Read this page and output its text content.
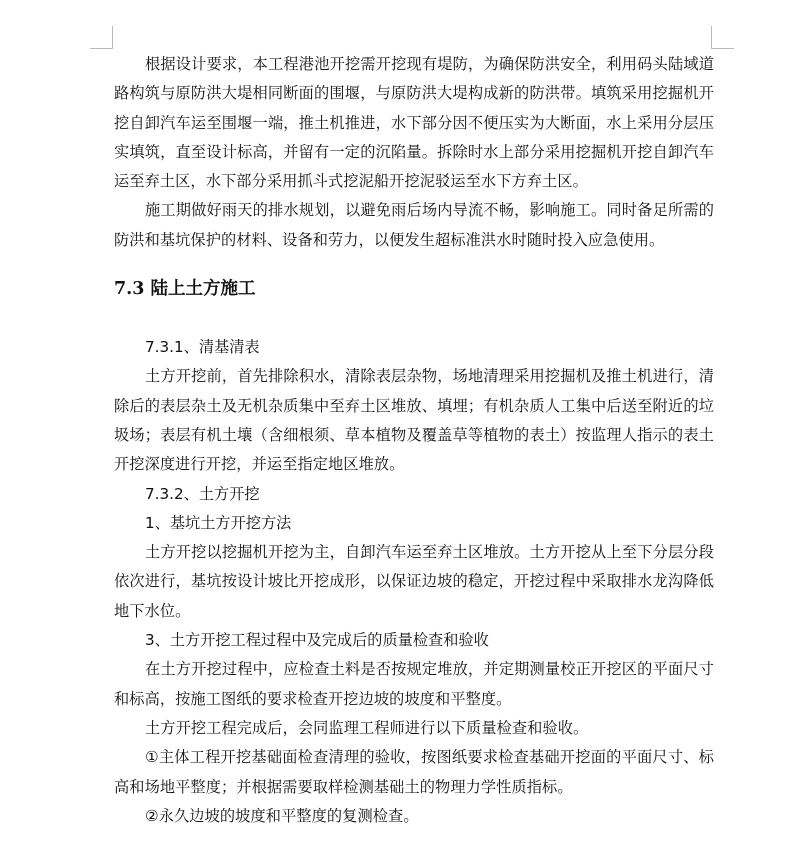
根据设计要求，本工程港池开挖需开挖现有堤防，为确保防洪安全，利用码头陆域道路构筑与原防洪大堤相同断面的围堰，与原防洪大堤构成新的防洪带。填筑采用挖掘机开挖自卸汽车运至围堰一端，推土机推进，水下部分因不便压实为大断面，水上采用分层压实填筑，直至设计标高，并留有一定的沉陷量。拆除时水上部分采用挖掘机开挖自卸汽车运至弃土区，水下部分采用抓斗式挖泥船开挖泥驳运至水下方弃土区。

施工期做好雨天的排水规划，以避免雨后场内导流不畅，影响施工。同时备足所需的防洪和基坑保护的材料、设备和劳力，以便发生超标准洪水时随时投入应急使用。

7.3 陆上土方施工

7.3.1、清基清表

土方开挖前，首先排除积水，清除表层杂物，场地清理采用挖掘机及推土机进行，清除后的表层杂土及无机杂质集中至弃土区堆放、填埋；有机杂质人工集中后送至附近的垃圾场；表层有机土壤（含细根须、草本植物及覆盖草等植物的表土）按监理人指示的表土开挖深度进行开挖，并运至指定地区堆放。

7.3.2、土方开挖

1、基坑土方开挖方法

土方开挖以挖掘机开挖为主，自卸汽车运至弃土区堆放。土方开挖从上至下分层分段依次进行，基坑按设计坡比开挖成形，以保证边坡的稳定，开挖过程中采取排水龙沟降低地下水位。

3、土方开挖工程过程中及完成后的质量检查和验收

在土方开挖过程中，应检查土料是否按规定堆放，并定期测量校正开挖区的平面尺寸和标高，按施工图纸的要求检查开挖边坡的坡度和平整度。

土方开挖工程完成后，会同监理工程师进行以下质量检查和验收。

①主体工程开挖基础面检查清理的验收，按图纸要求检查基础开挖面的平面尺寸、标高和场地平整度；并根据需要取样检测基础土的物理力学性质指标。

②永久边坡的坡度和平整度的复测检查。
